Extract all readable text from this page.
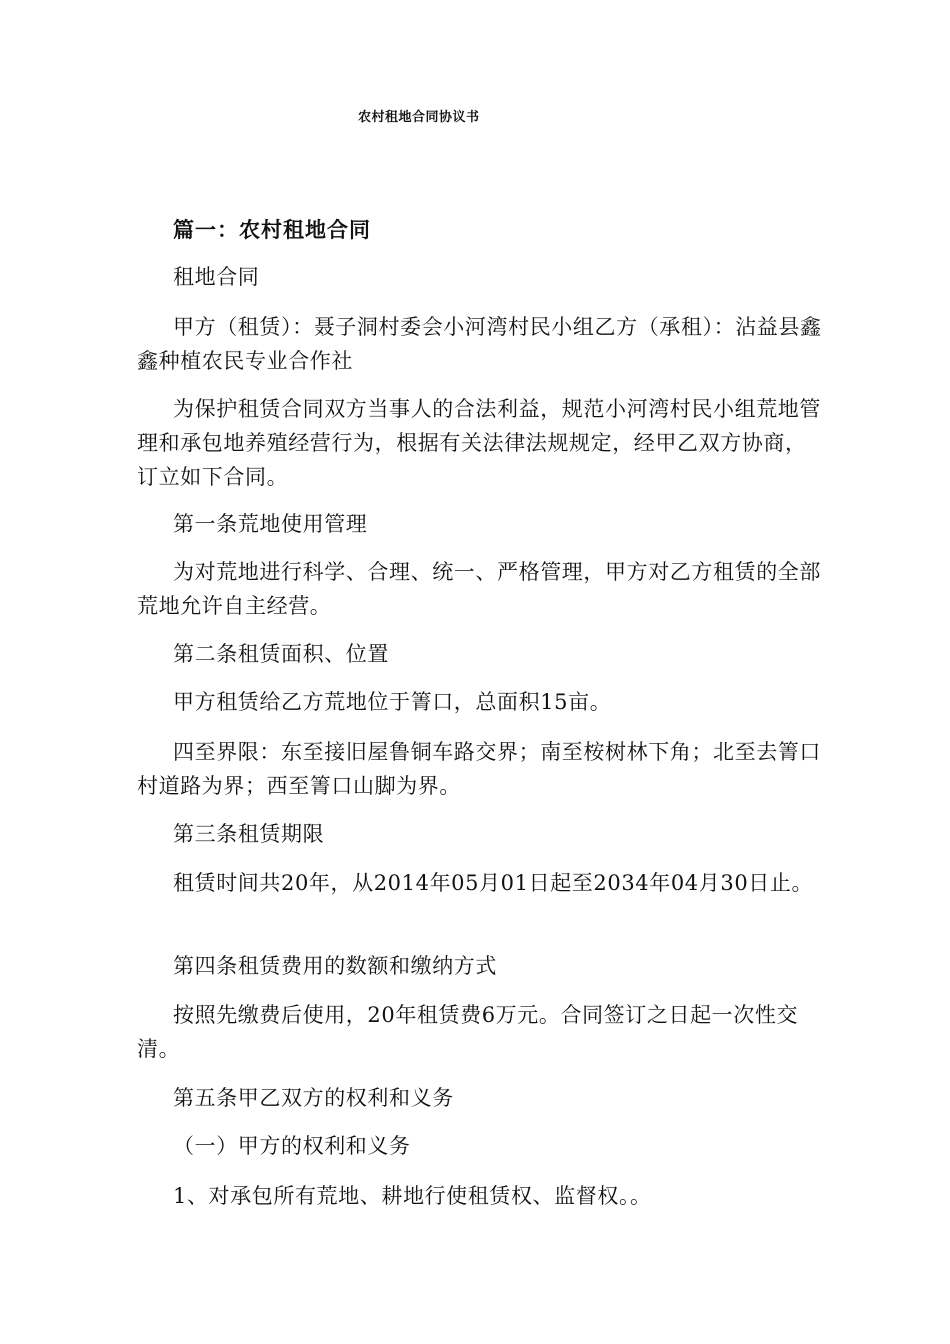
农村租地合同协议书
篇一：农村租地合同

租地合同

甲方（租赁）：聂子洞村委会小河湾村民小组乙方（承租）：沾益县鑫鑫种植农民专业合作社

为保护租赁合同双方当事人的合法利益，规范小河湾村民小组荒地管理和承包地养殖经营行为，根据有关法律法规规定，经甲乙双方协商，订立如下合同。

第一条荒地使用管理

为对荒地进行科学、合理、统一、严格管理，甲方对乙方租赁的全部荒地允许自主经营。

第二条租赁面积、位置

甲方租赁给乙方荒地位于箐口，总面积15亩。

四至界限：东至接旧屋鲁铜车路交界；南至桉树林下角；北至去箐口村道路为界；西至箐口山脚为界。

第三条租赁期限

租赁时间共20年，从2014年05月01日起至2034年04月30日止。

第四条租赁费用的数额和缴纳方式

按照先缴费后使用，20年租赁费6万元。合同签订之日起一次性交清。

第五条甲乙双方的权利和义务

（一）甲方的权利和义务

1、对承包所有荒地、耕地行使租赁权、监督权。。
